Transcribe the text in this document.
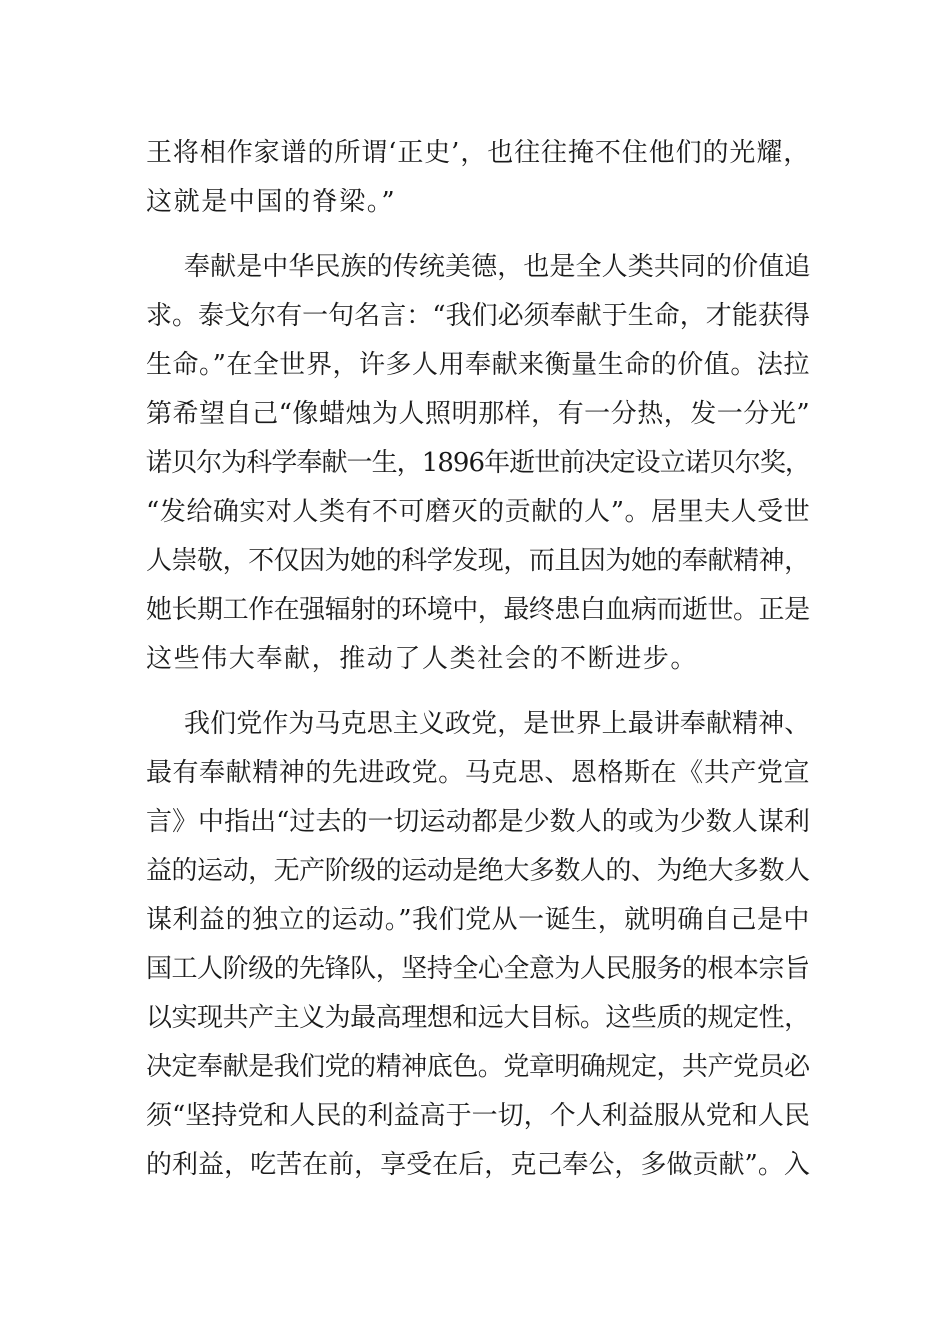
王将相作家谱的所谓‘正史’，也往往掩不住他们的光耀，
这就是中国的脊梁。”
奉献是中华民族的传统美德，也是全人类共同的价值追
求。泰戈尔有一句名言：“我们必须奉献于生命，才能获得
生命。”在全世界，许多人用奉献来衡量生命的价值。法拉
第希望自己“像蜡烛为人照明那样，有一分热，发一分光”
诺贝尔为科学奉献一生，1896年逝世前决定设立诺贝尔奖，
“发给确实对人类有不可磨灭的贡献的人”。居里夫人受世
人崇敬，不仅因为她的科学发现，而且因为她的奉献精神，
她长期工作在强辐射的环境中，最终患白血病而逝世。正是
这些伟大奉献，推动了人类社会的不断进步。
我们党作为马克思主义政党，是世界上最讲奉献精神、
最有奉献精神的先进政党。马克思、恩格斯在《共产党宣
言》中指出“过去的一切运动都是少数人的或为少数人谋利
益的运动，无产阶级的运动是绝大多数人的、为绝大多数人
谋利益的独立的运动。”我们党从一诞生，就明确自己是中
国工人阶级的先锋队，坚持全心全意为人民服务的根本宗旨
以实现共产主义为最高理想和远大目标。这些质的规定性，
决定奉献是我们党的精神底色。党章明确规定，共产党员必
须“坚持党和人民的利益高于一切，个人利益服从党和人民
的利益，吃苦在前，享受在后，克己奉公，多做贡献”。入
